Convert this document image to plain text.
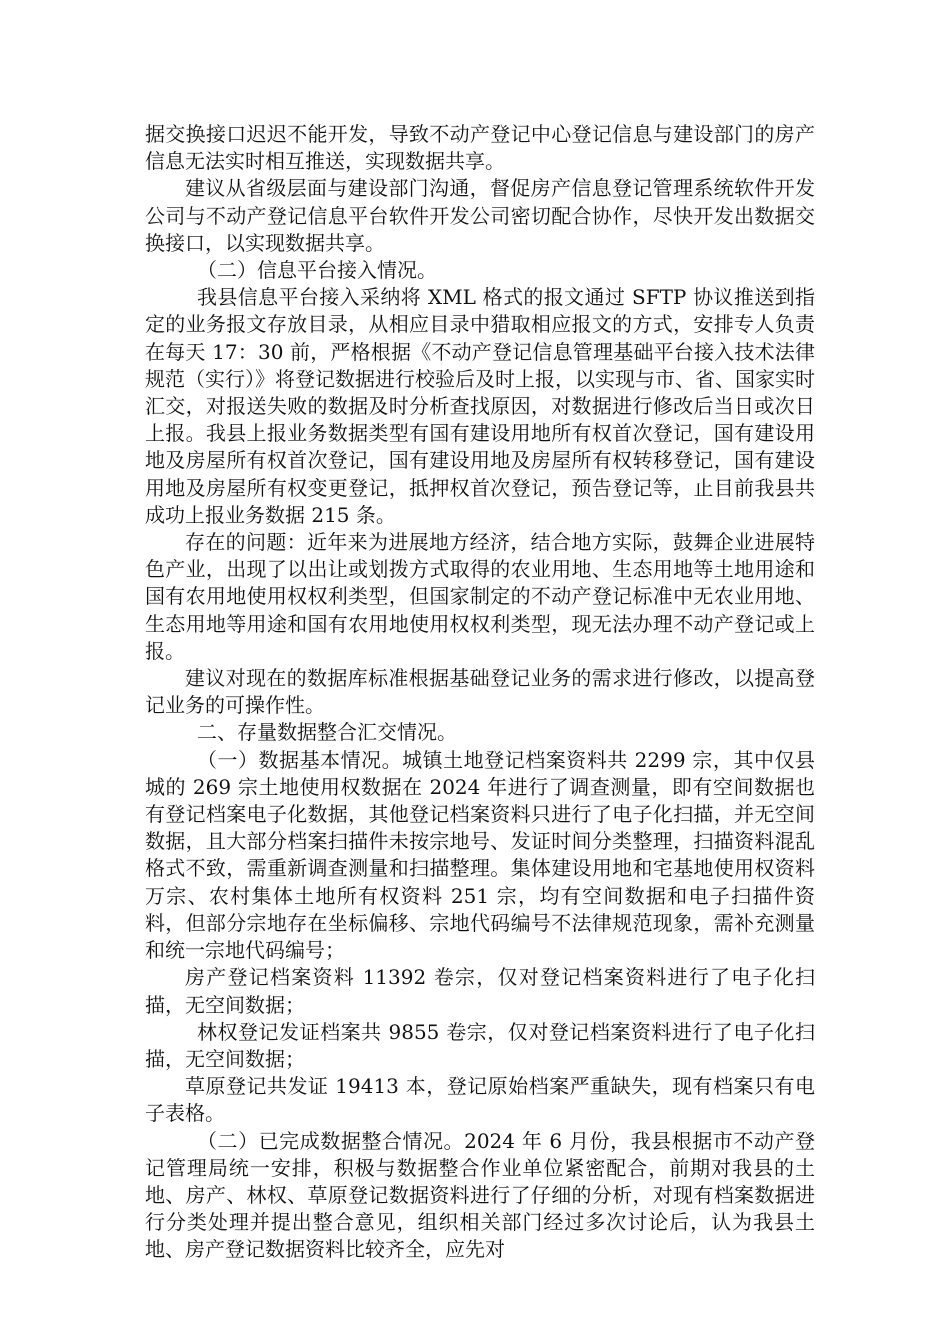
据交换接口迟迟不能开发，导致不动产登记中心登记信息与建设部门的房产信息无法实时相互推送，实现数据共享。

建议从省级层面与建设部门沟通，督促房产信息登记管理系统软件开发公司与不动产登记信息平台软件开发公司密切配合协作，尽快开发出数据交换接口，以实现数据共享。

（二）信息平台接入情况。

我县信息平台接入采纳将 XML 格式的报文通过 SFTP 协议推送到指定的业务报文存放目录，从相应目录中猎取相应报文的方式，安排专人负责在每天 17：30 前，严格根据《不动产登记信息管理基础平台接入技术法律规范（实行）》将登记数据进行校验后及时上报，以实现与市、省、国家实时汇交，对报送失败的数据及时分析查找原因，对数据进行修改后当日或次日上报。我县上报业务数据类型有国有建设用地所有权首次登记，国有建设用地及房屋所有权首次登记，国有建设用地及房屋所有权转移登记，国有建设用地及房屋所有权变更登记，抵押权首次登记，预告登记等，止目前我县共成功上报业务数据 215 条。

存在的问题：近年来为进展地方经济，结合地方实际，鼓舞企业进展特色产业，出现了以出让或划拨方式取得的农业用地、生态用地等土地用途和国有农用地使用权权利类型，但国家制定的不动产登记标准中无农业用地、生态用地等用途和国有农用地使用权权利类型，现无法办理不动产登记或上报。

建议对现在的数据库标准根据基础登记业务的需求进行修改，以提高登记业务的可操作性。

二、存量数据整合汇交情况。

（一）数据基本情况。城镇土地登记档案资料共 2299 宗，其中仅县城的 269 宗土地使用权数据在 2024 年进行了调查测量，即有空间数据也有登记档案电子化数据，其他登记档案资料只进行了电子化扫描，并无空间数据，且大部分档案扫描件未按宗地号、发证时间分类整理，扫描资料混乱格式不致，需重新调查测量和扫描整理。集体建设用地和宅基地使用权资料万宗、农村集体土地所有权资料 251 宗，均有空间数据和电子扫描件资料，但部分宗地存在坐标偏移、宗地代码编号不法律规范现象，需补充测量和统一宗地代码编号；

房产登记档案资料 11392 卷宗，仅对登记档案资料进行了电子化扫描，无空间数据；

林权登记发证档案共 9855 卷宗，仅对登记档案资料进行了电子化扫描，无空间数据；

草原登记共发证 19413 本，登记原始档案严重缺失，现有档案只有电子表格。

（二）已完成数据整合情况。2024 年 6 月份，我县根据市不动产登记管理局统一安排，积极与数据整合作业单位紧密配合，前期对我县的土地、房产、林权、草原登记数据资料进行了仔细的分析，对现有档案数据进行分类处理并提出整合意见，组织相关部门经过多次讨论后，认为我县土地、房产登记数据资料比较齐全，应先对
